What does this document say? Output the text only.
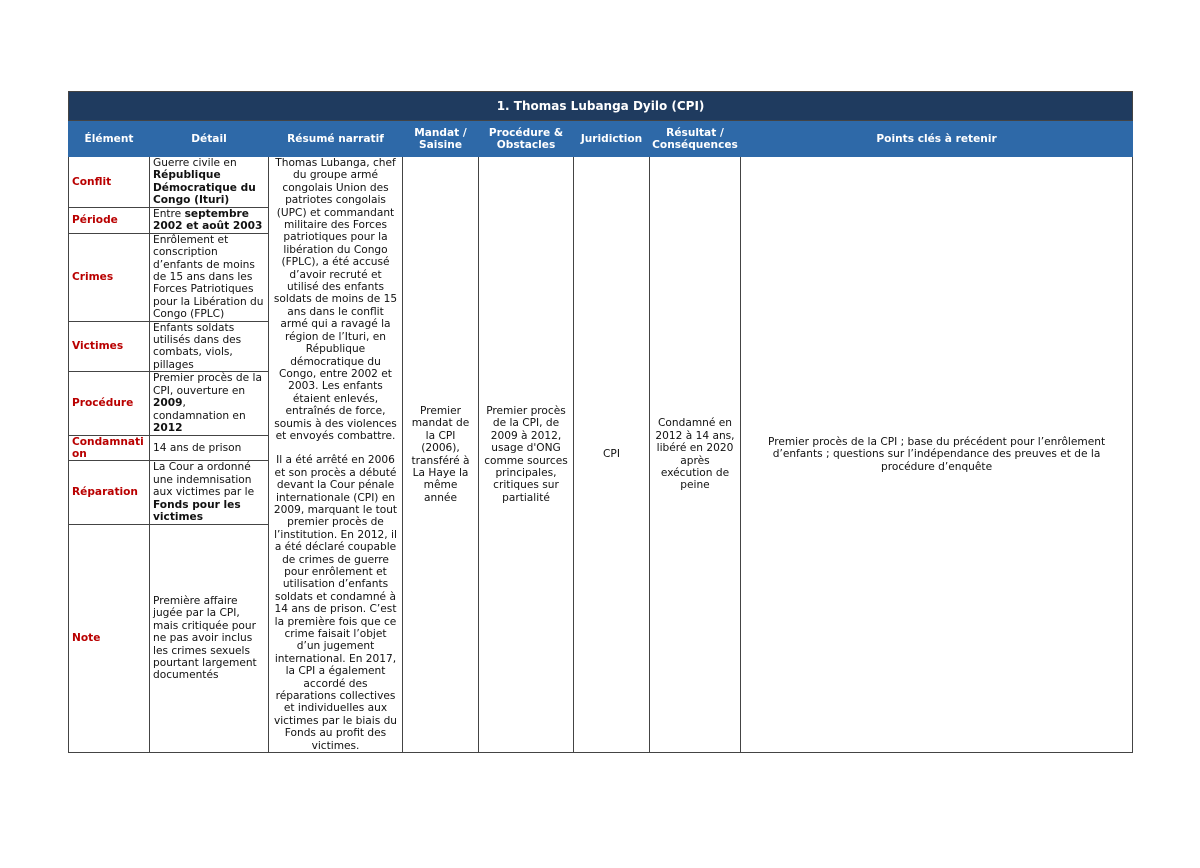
1. Thomas Lubanga Dyilo (CPI)							
Élément	Détail	Résumé narratif	Mandat / Saisine	Procédure & Obstacles	Juridiction	Résultat / Conséquences	Points clés à retenir
Conflit	Guerre civile en République Démocratique du Congo (Ituri)	Thomas Lubanga, chef du groupe armé congolais Union des patriotes congolais (UPC) et commandant militaire des Forces patriotiques pour la libération du Congo (FPLC), a été accusé d’avoir recruté et utilisé des enfants soldats de moins de 15 ans dans le conflit armé qui a ravagé la région de l’Ituri, en République démocratique du Congo, entre 2002 et 2003. Les enfants étaient enlevés, entraînés de force, soumis à des violences et envoyés combattre.
Il a été arrêté en 2006 et son procès a débuté devant la Cour pénale internationale (CPI) en 2009, marquant le tout premier procès de l’institution. En 2012, il a été déclaré coupable de crimes de guerre pour enrôlement et utilisation d’enfants soldats et condamné à 14 ans de prison. C’est la première fois que ce crime faisait l’objet d’un jugement international. En 2017, la CPI a également accordé des réparations collectives et individuelles aux victimes par le biais du Fonds au profit des victimes.	Premier mandat de la CPI (2006), transféré à La Haye la même année	Premier procès de la CPI, de 2009 à 2012, usage d'ONG comme sources principales, critiques sur partialité	CPI	Condamné en 2012 à 14 ans, libéré en 2020 après exécution de peine	Premier procès de la CPI ; base du précédent pour l’enrôlement d’enfants ; questions sur l’indépendance des preuves et de la procédure d’enquête
Période	Entre septembre 2002 et août 2003						
Crimes	Enrôlement et conscription d’enfants de moins de 15 ans dans les Forces Patriotiques pour la Libération du Congo (FPLC)						
Victimes	Enfants soldats utilisés dans des combats, viols, pillages						
Procédure	Premier procès de la CPI, ouverture en 2009, condamnation en 2012						
Condamnation	14 ans de prison						
Réparation	La Cour a ordonné une indemnisation aux victimes par le Fonds pour les victimes						
Note	Première affaire jugée par la CPI, mais critiquée pour ne pas avoir inclus les crimes sexuels pourtant largement documentés						
